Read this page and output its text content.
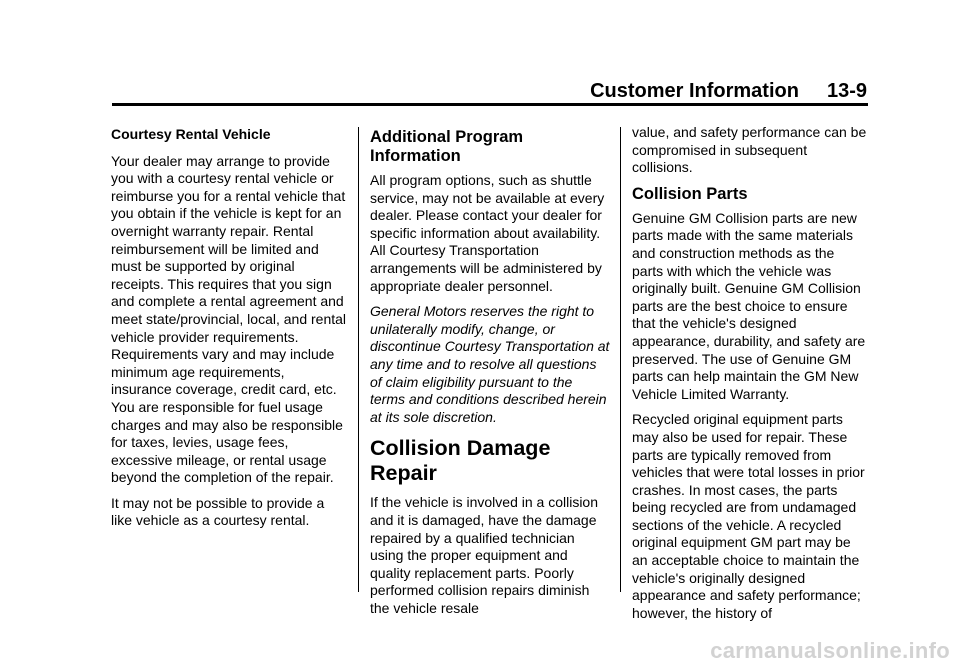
Customer Information 13-9

Courtesy Rental Vehicle

Your dealer may arrange to provide you with a courtesy rental vehicle or reimburse you for a rental vehicle that you obtain if the vehicle is kept for an overnight warranty repair. Rental reimbursement will be limited and must be supported by original receipts. This requires that you sign and complete a rental agreement and meet state/provincial, local, and rental vehicle provider requirements. Requirements vary and may include minimum age requirements, insurance coverage, credit card, etc. You are responsible for fuel usage charges and may also be responsible for taxes, levies, usage fees, excessive mileage, or rental usage beyond the completion of the repair.

It may not be possible to provide a like vehicle as a courtesy rental.

Additional Program Information

All program options, such as shuttle service, may not be available at every dealer. Please contact your dealer for specific information about availability. All Courtesy Transportation arrangements will be administered by appropriate dealer personnel.

General Motors reserves the right to unilaterally modify, change, or discontinue Courtesy Transportation at any time and to resolve all questions of claim eligibility pursuant to the terms and conditions described herein at its sole discretion.

Collision Damage Repair

If the vehicle is involved in a collision and it is damaged, have the damage repaired by a qualified technician using the proper equipment and quality replacement parts. Poorly performed collision repairs diminish the vehicle resale

value, and safety performance can be compromised in subsequent collisions.

Collision Parts

Genuine GM Collision parts are new parts made with the same materials and construction methods as the parts with which the vehicle was originally built. Genuine GM Collision parts are the best choice to ensure that the vehicle's designed appearance, durability, and safety are preserved. The use of Genuine GM parts can help maintain the GM New Vehicle Limited Warranty.

Recycled original equipment parts may also be used for repair. These parts are typically removed from vehicles that were total losses in prior crashes. In most cases, the parts being recycled are from undamaged sections of the vehicle. A recycled original equipment GM part may be an acceptable choice to maintain the vehicle's originally designed appearance and safety performance; however, the history of

carmanualsonline.info
